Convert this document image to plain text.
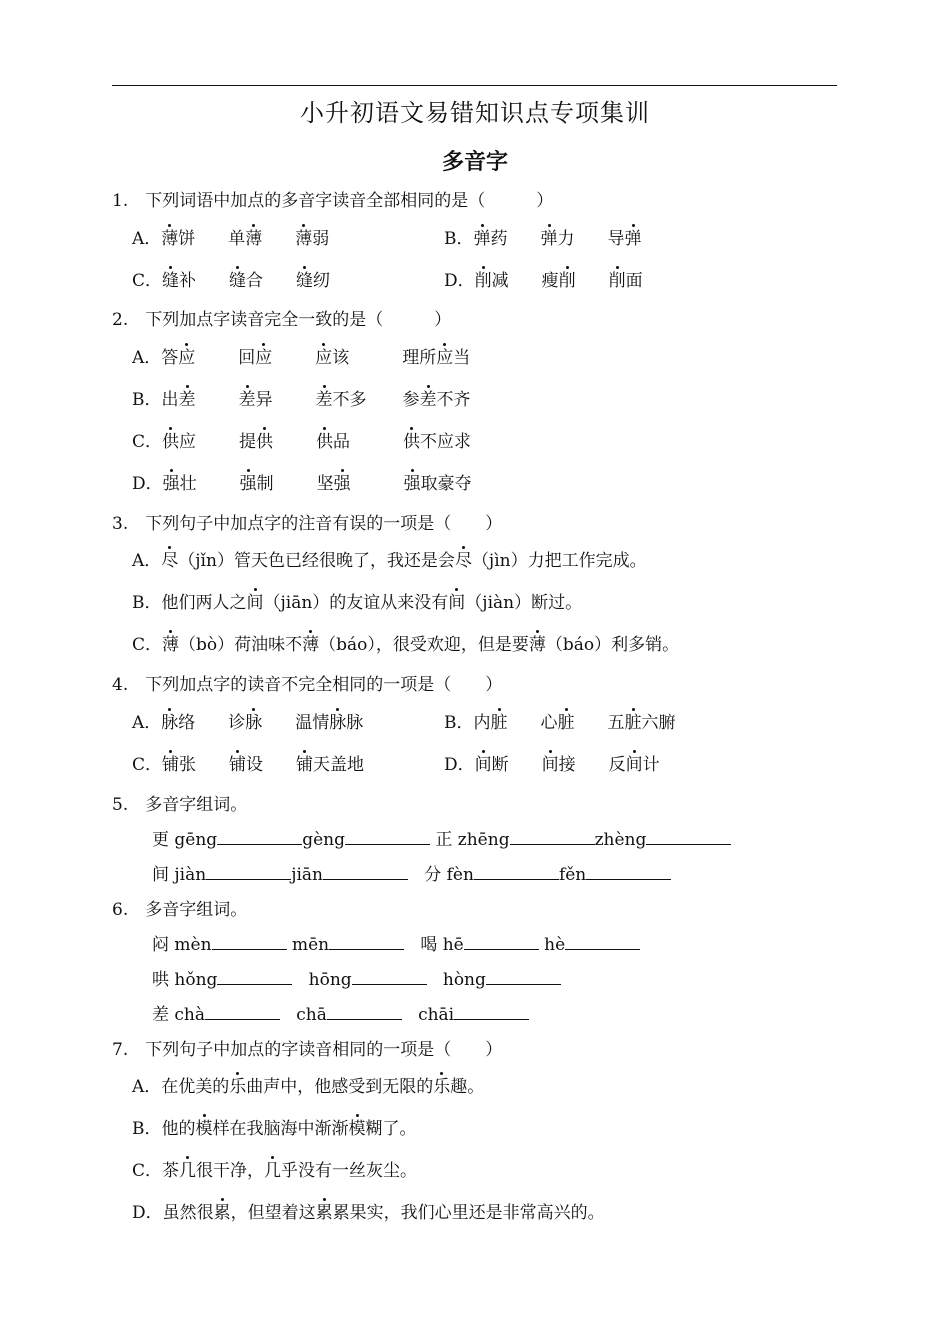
小升初语文易错知识点专项集训
多音字
1.　下列词语中加点的多音字读音全部相同的是（　　　）
A．薄饼 单薄 薄弱	B．弹药 弹力 导弹
C．缝补 缝合 缝纫	D．削减 瘦削 削面
2.　下列加点字读音完全一致的是（　　　）
A．答应	回应	应该	理所应当
B．出差	差异	差不多 参差不齐
C．供应	提供	供品	供不应求
D．强壮	强制	坚强	强取豪夺
3.　下列句子中加点字的注音有误的一项是（　　）
A．尽（jǐn）管天色已经很晚了，我还是会尽（jìn）力把工作完成。
B．他们两人之间（jiān）的友谊从来没有间（jiàn）断过。
C．薄（bò）荷油味不薄（báo），很受欢迎，但是要薄（báo）利多销。
4.　下列加点字的读音不完全相同的一项是（　　）
A．脉络 诊脉 温情脉脉	B．内脏 心脏 五脏六腑
C．铺张 铺设 铺天盖地	D．间断 间接 反间计
5.　多音字组词。
更 gēng	gèng	正 zhēng	zhèng
间 jiàn	jiān	分 fèn	fěn
6.　多音字组词。
闷 mèn	mēn	喝 hē	hè
哄 hǒng	hōng	hòng
差 chà	chā	chāi
7.　下列句子中加点的字读音相同的一项是（　　）
A．在优美的乐曲声中，他感受到无限的乐趣。
B．他的模样在我脑海中渐渐模糊了。
C．茶几很干净，几乎没有一丝灰尘。
D．虽然很累，但望着这累累果实，我们心里还是非常高兴的。
